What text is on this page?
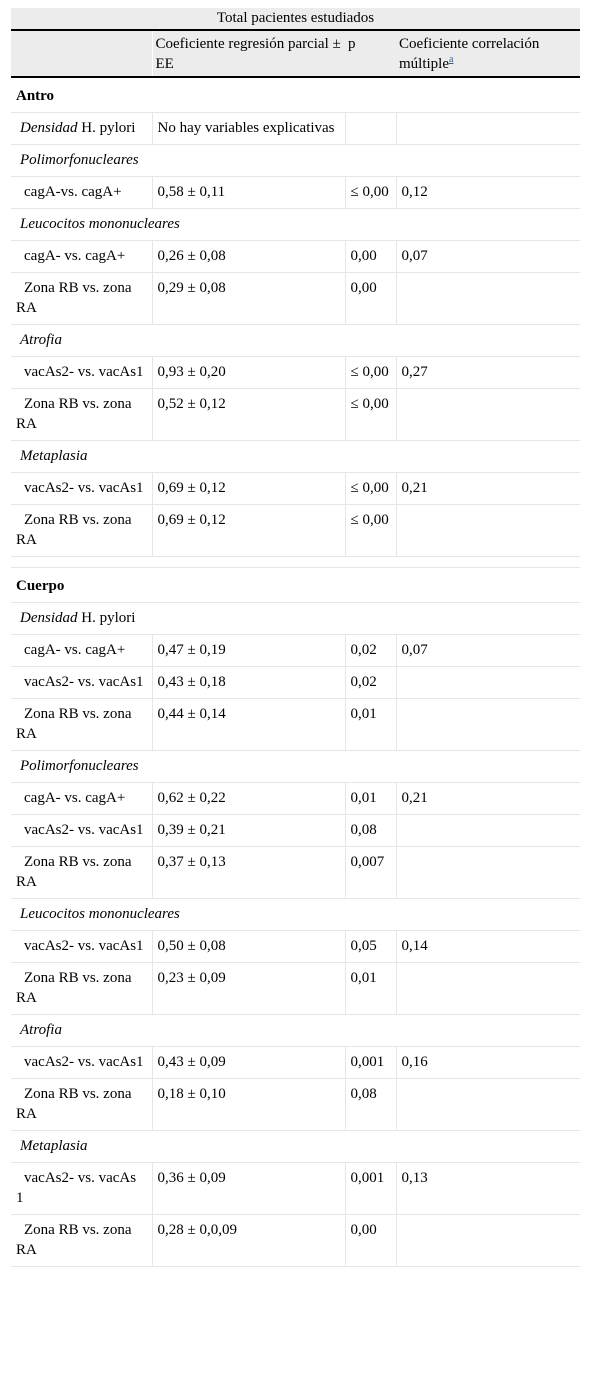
Total pacientes estudiados			
	Coeficiente regresión parcial ± EE	p	Coeficiente correlación múltiple$^a$
Antro			
Densidad H. pylori	No hay variables explicativas		
Polimorfonucleares			
cagA-vs. cagA+	0,58 ± 0,11	≤ 0,00	0,12
Leucocitos mononucleares			
cagA- vs. cagA+	0,26 ± 0,08	0,00	0,07
Zona RB vs. zona RA	0,29 ± 0,08	0,00	
Atrofia			
vacAs2- vs. vacAs1	0,93 ± 0,20	≤ 0,00	0,27
Zona RB vs. zona RA	0,52 ± 0,12	≤ 0,00	
Metaplasia			
vacAs2- vs. vacAs1	0,69 ± 0,12	≤ 0,00	0,21
Zona RB vs. zona RA	0,69 ± 0,12	≤ 0,00	

Cuerpo			
Densidad H. pylori			
cagA- vs. cagA+	0,47 ± 0,19	0,02	0,07
vacAs2- vs. vacAs1	0,43 ± 0,18	0,02	
Zona RB vs. zona RA	0,44 ± 0,14	0,01	
Polimorfonucleares			
cagA- vs. cagA+	0,62 ± 0,22	0,01	0,21
vacAs2- vs. vacAs1	0,39 ± 0,21	0,08	
Zona RB vs. zona RA	0,37 ± 0,13	0,007	
Leucocitos mononucleares			
vacAs2- vs. vacAs1	0,50 ± 0,08	0,05	0,14
Zona RB vs. zona RA	0,23 ± 0,09	0,01	
Atrofia			
vacAs2- vs. vacAs1	0,43 ± 0,09	0,001	0,16
Zona RB vs. zona RA	0,18 ± 0,10	0,08	
Metaplasia			
vacAs2- vs. vacAs 1	0,36 ± 0,09	0,001	0,13
Zona RB vs. zona RA	0,28 ± 0,0,09	0,00	
